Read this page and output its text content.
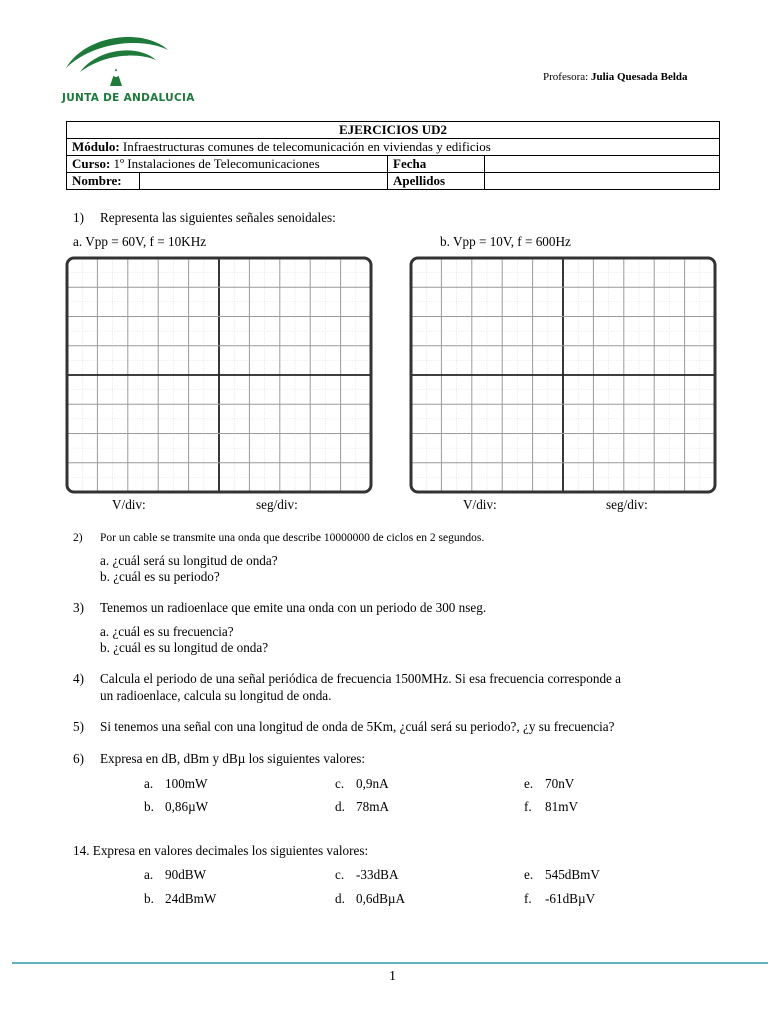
JUNTA DE ANDALUCIA
Profesora: Julia Quesada Belda
EJERCICIOS UD2			
Módulo: Infraestructuras comunes de telecomunicación en viviendas y edificios			
Curso: 1º Instalaciones de Telecomunicaciones		Fecha	
Nombre:		Apellidos	
1) Representa las siguientes señales senoidales:
a. Vpp = 60V, f = 10KHz	b. Vpp = 10V, f = 600Hz
V/div:	seg/div:	V/div:	seg/div:
2) Por un cable se transmite una onda que describe 10000000 de ciclos en 2 segundos.
a. ¿cuál será su longitud de onda?
b. ¿cuál es su periodo?
3) Tenemos un radioenlace que emite una onda con un periodo de 300 nseg.
a. ¿cuál es su frecuencia?
b. ¿cuál es su longitud de onda?
4) Calcula el periodo de una señal periódica de frecuencia 1500MHz. Si esa frecuencia corresponde a
un radioenlace, calcula su longitud de onda.
5) Si tenemos una señal con una longitud de onda de 5Km, ¿cuál será su periodo?, ¿y su frecuencia?
6) Expresa en dB, dBm y dBµ los siguientes valores:
a. 100mW	c. 0,9nA	e. 70nV
b. 0,86µW	d. 78mA	f. 81mV
14. Expresa en valores decimales los siguientes valores:
a. 90dBW	c. -33dBA	e. 545dBmV
b. 24dBmW	d. 0,6dBµA	f. -61dBµV
1
